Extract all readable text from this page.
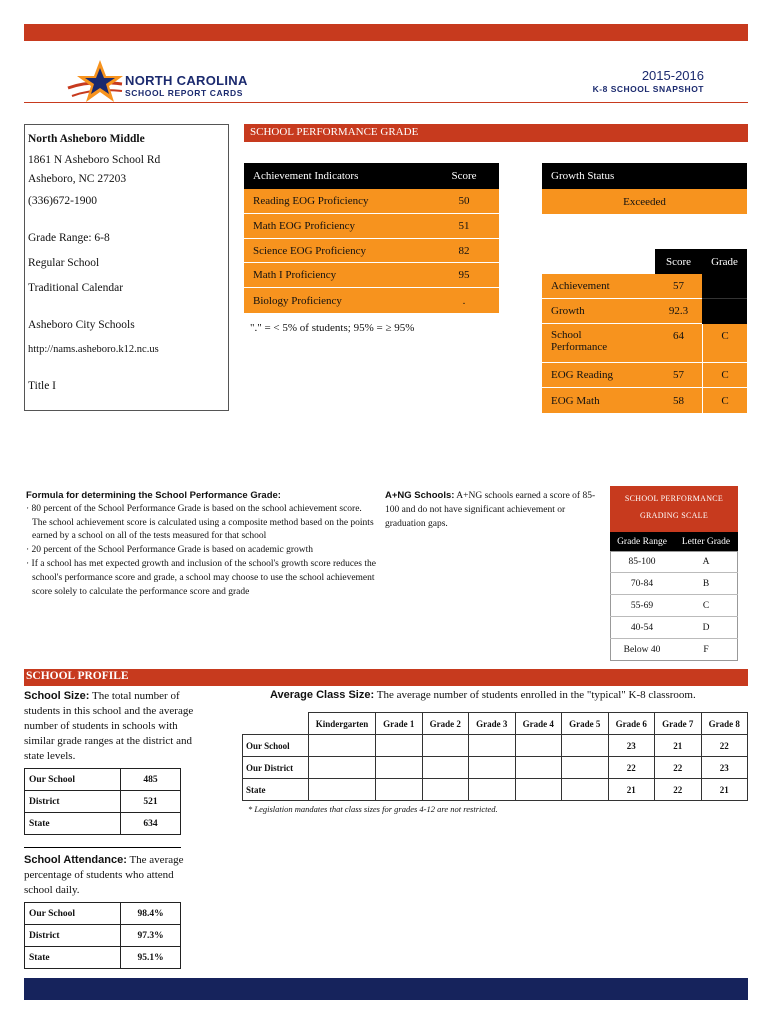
NORTH CAROLINA
SCHOOL REPORT CARDS
2015-2016
K-8 SCHOOL SNAPSHOT
North Asheboro Middle
1861 N Asheboro School Rd
Asheboro, NC 27203
(336)672-1900
Grade Range: 6-8
Regular School
Traditional Calendar
Asheboro City Schools
http://nams.asheboro.k12.nc.us
Title I
SCHOOL PERFORMANCE GRADE
Achievement Indicators	Score
Reading EOG Proficiency	50
Math EOG Proficiency	51
Science EOG Proficiency	82
Math I Proficiency	95
Biology Proficiency	.
"." = < 5% of students; 95% = ≥ 95%
Growth Status
Exceeded
Score	Grade
Achievement	57
Growth	92.3
School
Performance
64	C
EOG Reading	57	C
EOG Math	58	C
Formula for determining the School Performance Grade:
· 80 percent of the School Performance Grade is based on the school achievement score. The school achievement score is calculated using a composite method based on the points earned by a school on all of the tests measured for that school
· 20 percent of the School Performance Grade is based on academic growth
· If a school has met expected growth and inclusion of the school's growth score reduces the school's performance score and grade, a school may choose to use the school achievement score solely to calculate the performance score and grade
A+NG Schools: A+NG schools earned a score of 85-100 and do not have significant achievement or graduation gaps.
SCHOOL PERFORMANCE
GRADING SCALE
Grade Range	Letter Grade
85-100	A
70-84	B
55-69	C
40-54	D
Below 40	F
SCHOOL PROFILE
School Size: The total number of students in this school and the average number of students in schools with similar grade ranges at the district and state levels.
Our School	485
District	521
State	634
School Attendance: The average percentage of students who attend school daily.
Our School	98.4%
District	97.3%
State	95.1%
Average Class Size: The average number of students enrolled in the "typical" K-8 classroom.
	Kindergarten	Grade 1	Grade 2	Grade 3	Grade 4	Grade 5	Grade 6	Grade 7	Grade 8
Our School							23	21	22
Our District							22	22	23
State							21	22	21
* Legislation mandates that class sizes for grades 4-12 are not restricted.
